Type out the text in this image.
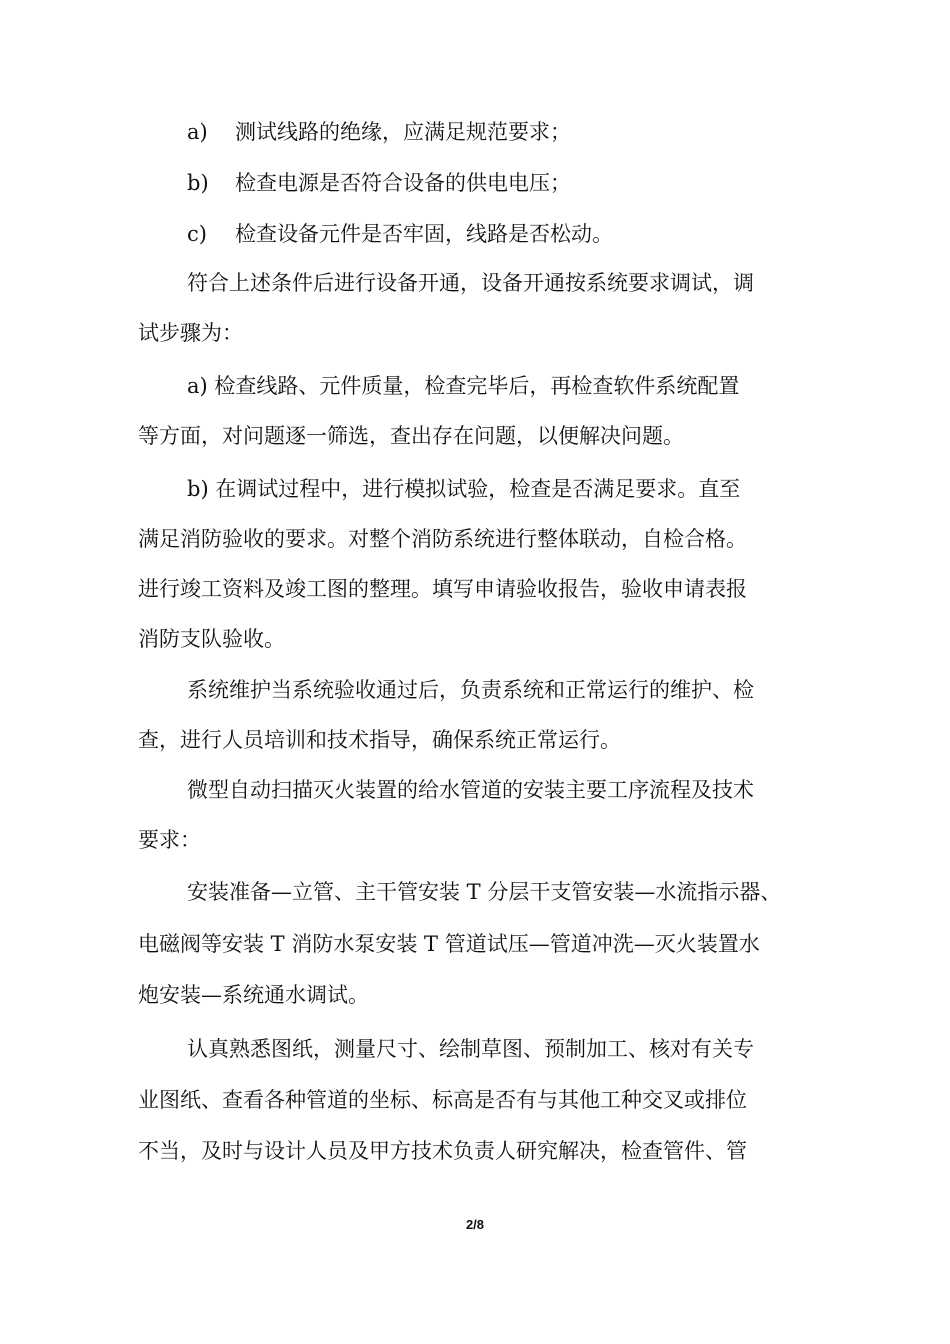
a) 测试线路的绝缘，应满足规范要求；
b) 检查电源是否符合设备的供电电压；
c) 检查设备元件是否牢固，线路是否松动。
符合上述条件后进行设备开通，设备开通按系统要求调试，调
试步骤为：
a) 检查线路、元件质量，检查完毕后，再检查软件系统配置
等方面，对问题逐一筛选，查出存在问题，以便解决问题。
b) 在调试过程中，进行模拟试验，检查是否满足要求。直至
满足消防验收的要求。对整个消防系统进行整体联动，自检合格。
进行竣工资料及竣工图的整理。填写申请验收报告，验收申请表报
消防支队验收。
系统维护当系统验收通过后，负责系统和正常运行的维护、检
查，进行人员培训和技术指导，确保系统正常运行。
微型自动扫描灭火装置的给水管道的安装主要工序流程及技术
要求：
安装准备—立管、主干管安装 T 分层干支管安装—水流指示器、
电磁阀等安装 T 消防水泵安装 T 管道试压—管道冲洗—灭火装置水
炮安装—系统通水调试。
认真熟悉图纸，测量尺寸、绘制草图、预制加工、核对有关专
业图纸、查看各种管道的坐标、标高是否有与其他工种交叉或排位
不当，及时与设计人员及甲方技术负责人研究解决，检查管件、管
2/8
